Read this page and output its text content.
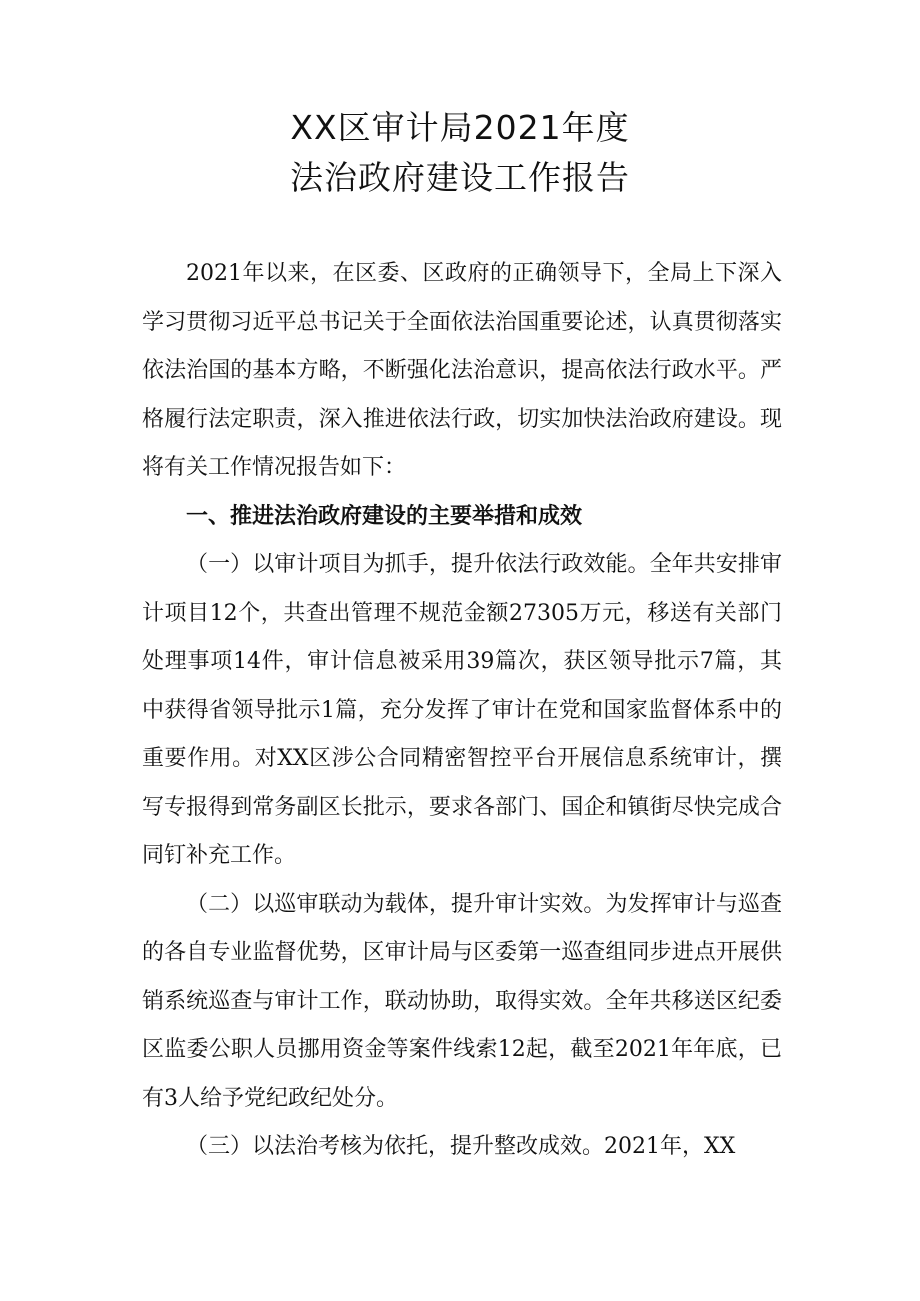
XX区审计局2021年度
法治政府建设工作报告

2021年以来，在区委、区政府的正确领导下，全局上下深入学习贯彻习近平总书记关于全面依法治国重要论述，认真贯彻落实依法治国的基本方略，不断强化法治意识，提高依法行政水平。严格履行法定职责，深入推进依法行政，切实加快法治政府建设。现将有关工作情况报告如下：

一、推进法治政府建设的主要举措和成效

（一）以审计项目为抓手，提升依法行政效能。全年共安排审计项目12个，共查出管理不规范金额27305万元，移送有关部门处理事项14件，审计信息被采用39篇次，获区领导批示7篇，其中获得省领导批示1篇，充分发挥了审计在党和国家监督体系中的重要作用。对XX区涉公合同精密智控平台开展信息系统审计，撰写专报得到常务副区长批示，要求各部门、国企和镇街尽快完成合同钉补充工作。

（二）以巡审联动为载体，提升审计实效。为发挥审计与巡查的各自专业监督优势，区审计局与区委第一巡查组同步进点开展供销系统巡查与审计工作，联动协助，取得实效。全年共移送区纪委区监委公职人员挪用资金等案件线索12起，截至2021年年底，已有3人给予党纪政纪处分。

（三）以法治考核为依托，提升整改成效。2021年，XX
